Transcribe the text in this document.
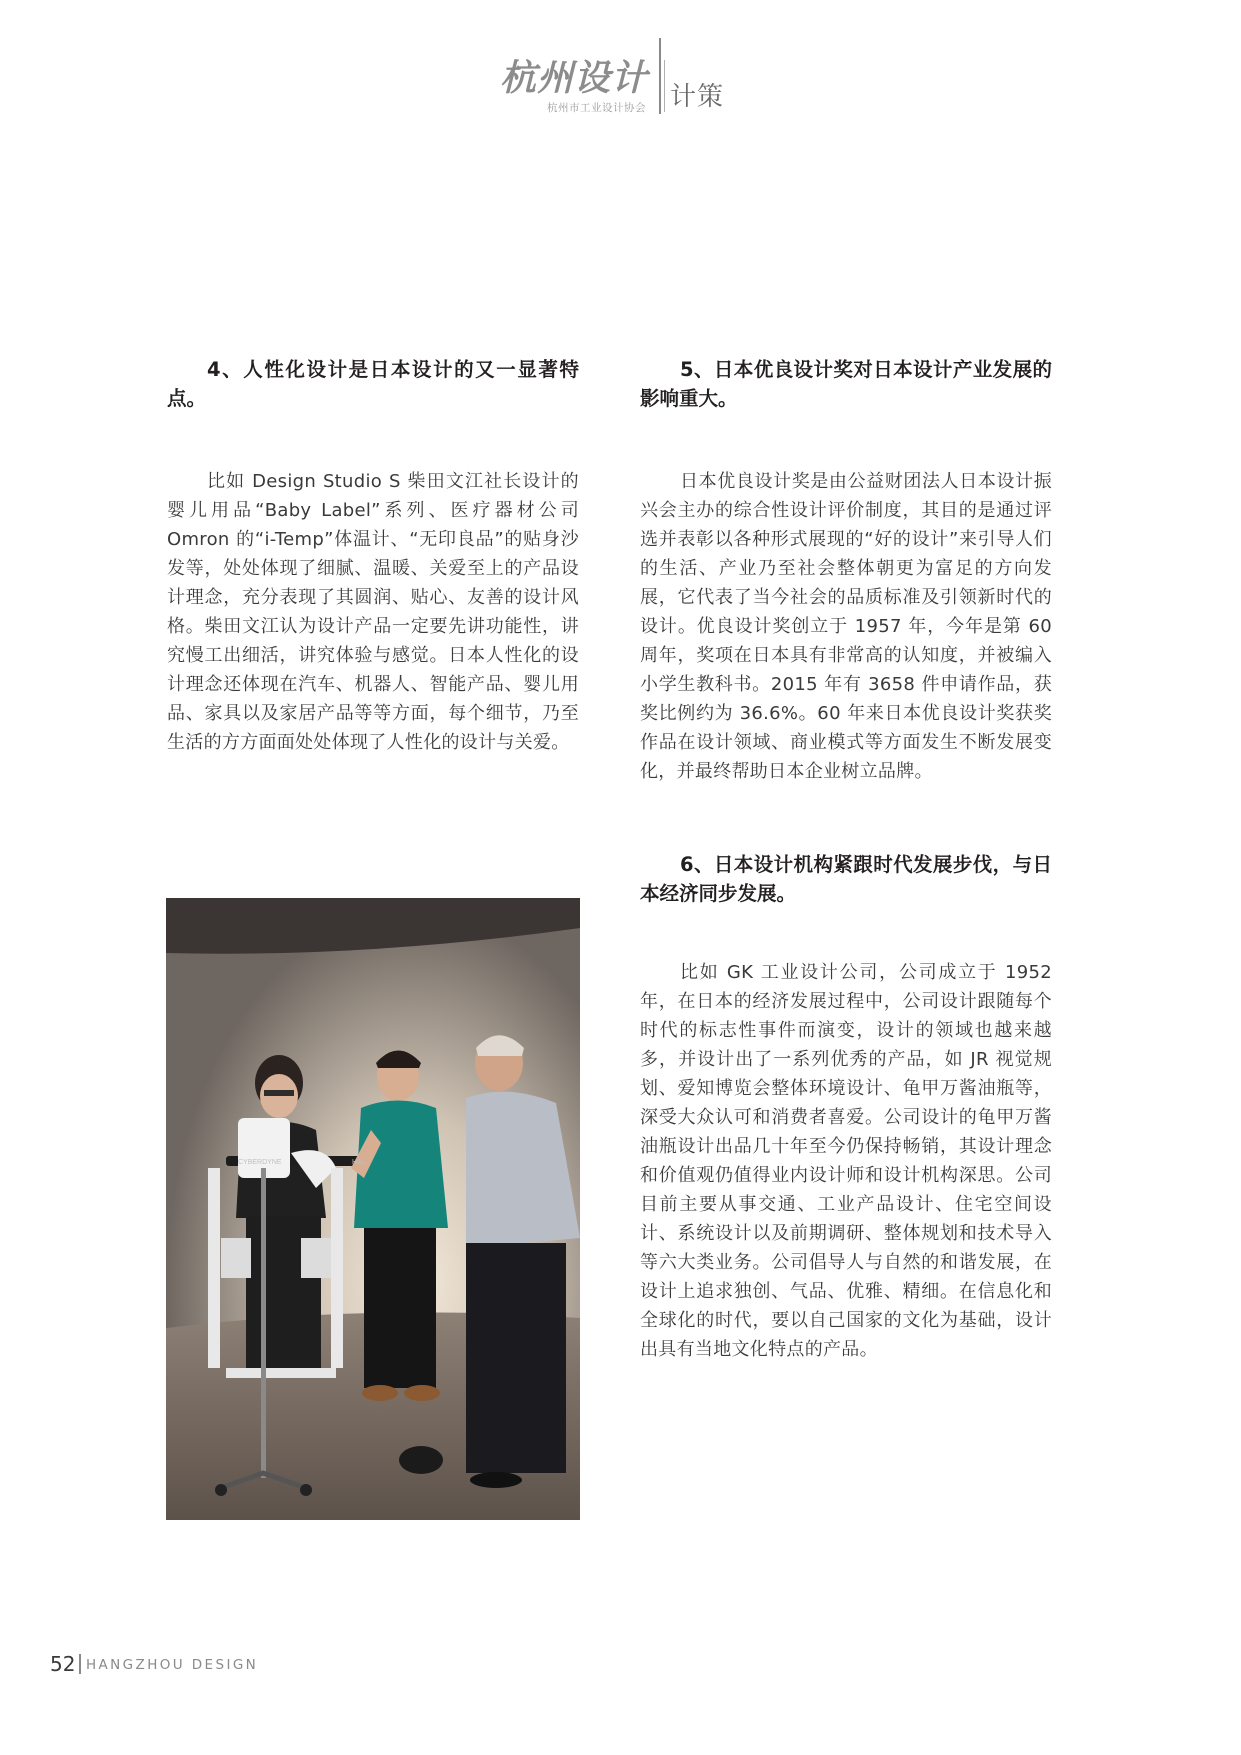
杭州设计
杭州市工业设计协会 计策
4、人性化设计是日本设计的又一显著特点。

比如 Design Studio S 柴田文江社长设计的婴儿用品“Baby Label”系列、医疗器材公司 Omron 的“i-Temp”体温计、“无印良品”的贴身沙发等，处处体现了细腻、温暖、关爱至上的产品设计理念，充分表现了其圆润、贴心、友善的设计风格。柴田文江认为设计产品一定要先讲功能性，讲究慢工出细活，讲究体验与感觉。日本人性化的设计理念还体现在汽车、机器人、智能产品、婴儿用品、家具以及家居产品等等方面，每个细节，乃至生活的方方面面处处体现了人性化的设计与关爱。

5、日本优良设计奖对日本设计产业发展的影响重大。

日本优良设计奖是由公益财团法人日本设计振兴会主办的综合性设计评价制度，其目的是通过评选并表彰以各种形式展现的“好的设计”来引导人们的生活、产业乃至社会整体朝更为富足的方向发展，它代表了当今社会的品质标准及引领新时代的设计。优良设计奖创立于 1957 年，今年是第 60 周年，奖项在日本具有非常高的认知度，并被编入小学生教科书。2015 年有 3658 件申请作品，获奖比例约为 36.6%。60 年来日本优良设计奖获奖作品在设计领域、商业模式等方面发生不断发展变化，并最终帮助日本企业树立品牌。

6、日本设计机构紧跟时代发展步伐，与日本经济同步发展。

比如 GK 工业设计公司，公司成立于 1952 年，在日本的经济发展过程中，公司设计跟随每个时代的标志性事件而演变，设计的领域也越来越多，并设计出了一系列优秀的产品，如 JR 视觉规划、爱知博览会整体环境设计、龟甲万酱油瓶等，深受大众认可和消费者喜爱。公司设计的龟甲万酱油瓶设计出品几十年至今仍保持畅销，其设计理念和价值观仍值得业内设计师和设计机构深思。公司目前主要从事交通、工业产品设计、住宅空间设计、系统设计以及前期调研、整体规划和技术导入等六大类业务。公司倡导人与自然的和谐发展，在设计上追求独创、气品、优雅、精细。在信息化和全球化的时代，要以自己国家的文化为基础，设计出具有当地文化特点的产品。

CYBERDYNE	HAL
52 HANGZHOU DESIGN
